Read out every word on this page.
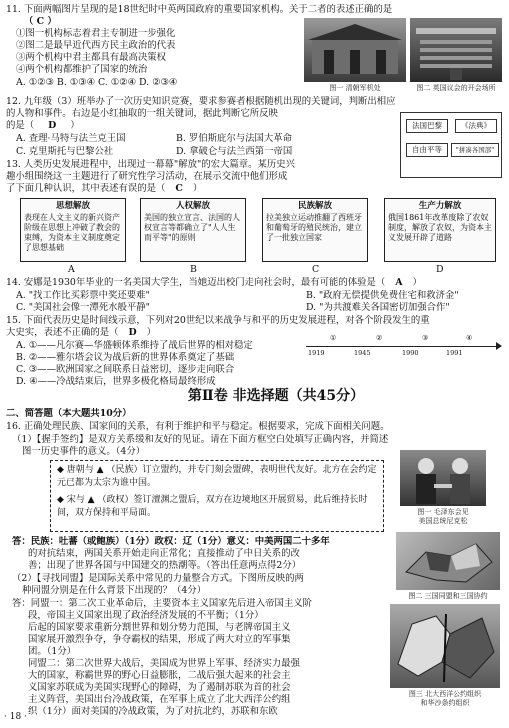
11. 下面两幅图片呈现的是18世纪时中英两国政府的重要国家机构。关于二者的表述正确的是
（ C ）
①图一机构标志着君主专制进一步强化
②图二是最早近代西方民主政治的代表
③两个机构中君主都具有最高决策权
④两个机构都维护了国家的统治
A. ①②③ B. ①③④ C. ①②④ D. ②③④	图一 清朝军机处	图二 英国议会的开会场所
12. 九年级（3）班举办了一次历史知识竞赛，要求参赛者根据随机出现的关键词，判断出相应
的人物和事件。右边是小红抽取的一组关键词，据此判断它所反映
的是（ D ）
A. 查理·马特与法兰克王国	B. 罗伯斯庇尔与法国大革命
C. 克里斯托与巴黎公社	D. 拿破仑与法兰西第一帝国
法国巴黎	《法典》
自由平等	"拼凑各国部"
13. 人类历史发展进程中，出现过一幕幕"解放"的宏大篇章。某历史兴
趣小组围绕这一主题进行了研究性学习活动，在展示交流中他们形成
了下面几种认识，其中表述有误的是（ C ）
思想解放
表现在人文主义的新兴资产阶级在思想上冲破了教会的束缚，为资本主义制度奠定了思想基础
人权解放
美国的独立宣言、法国的人权宣言等都确立了"人人生而平等"的原则
民族解放
拉美独立运动推翻了西班牙和葡萄牙的殖民统治，建立了一批独立国家
生产力解放
俄国1861年改革废除了农奴制度，解放了农奴，为资本主义发展开辟了道路
A	B	C	D
14. 安娜是1930年毕业的一名美国大学生，当她迈出校门走向社会时，最有可能的体验是（ A ）
A. "找工作比买彩票中奖还要难"	B. "政府无偿提供免费住宅和救济金"
C. "美国社会像一潭死水般平静"	D. "为共渡难关各国密切加强合作"
15. 下面代表历史是时间线示意，下列对20世纪以来战争与和平的历史发展进程，对各个阶段发生的重
大史实，表述不正确的是（ D ）
A. ①——凡尔赛—华盛顿体系维持了战后世界的相对稳定
B. ②——雅尔塔会议为战后新的世界体系奠定了基础
C. ③——欧洲国家之间联系日益密切，逐步走向联合
D. ④——冷战结束后，世界多极化格局最终形成
①	②	③	④
1919	1945	1990	1991
第Ⅱ卷 非选择题（共45分）
二、简答题（本大题共10分）
16. 正确处理民族、国家间的关系，有利于维护和平与稳定。根据要求，完成下面相关问题。
（1）【握手签约】是双方关系缓和友好的见证。请在下面方框空白处填写正确内容，并简述
图一历史事件的意义。（4分）
◆ 唐朝与 ▲ （民族）订立盟约，并专门刻会盟碑，表明世代友好。北方在会约定元已都为太宗为谁中国。
◆ 宋与 ▲ （政权）签订澶渊之盟后，双方在边境地区开展贸易，此后维持长时间，双方保持和平局面。	图一 毛泽东会见
美国总统尼克松
答：民族：吐蕃（或鲍族）（1分）政权：辽（1分）意义：中美两国二十多年
的对抗结束，两国关系开始走向正常化；直接推动了中日关系的改
善；出现了世界各国与中国建交的热潮等。（答出任意两点得2分）
（2）【寻找同盟】是国际关系中常见的力量整合方式。下图所反映的两
种同盟分别是在什么背景下出现的？（4分）
答：同盟一：第二次工业革命后，主要资本主义国家先后进入帝国主义阶
段，帝国主义国家出现了政治经济发展的不平衡；（1分）
后起的国家要求重新分割世界和划分势力范围，与老牌帝国主义
国家展开激烈争夺，争夺霸权的结果，形成了两大对立的军事集
团。（1分）
同盟二：第二次世界大战后，美国成为世界上军事、经济实力最强
大的国家，称霸世界的野心日益膨胀，二战后强大起来的社会主
义国家苏联成为美国实现野心的障碍，为了遏制苏联为首的社会
主义阵营，美国出台冷战政策，在军事上成立了北大西洋公约组
织（1分）面对美国的冷战政策，为了对抗北约，苏联和东欧
图二 三国同盟和三国协约
图三 北大西洋公约组织
和华沙条约组织
· 18 ·
